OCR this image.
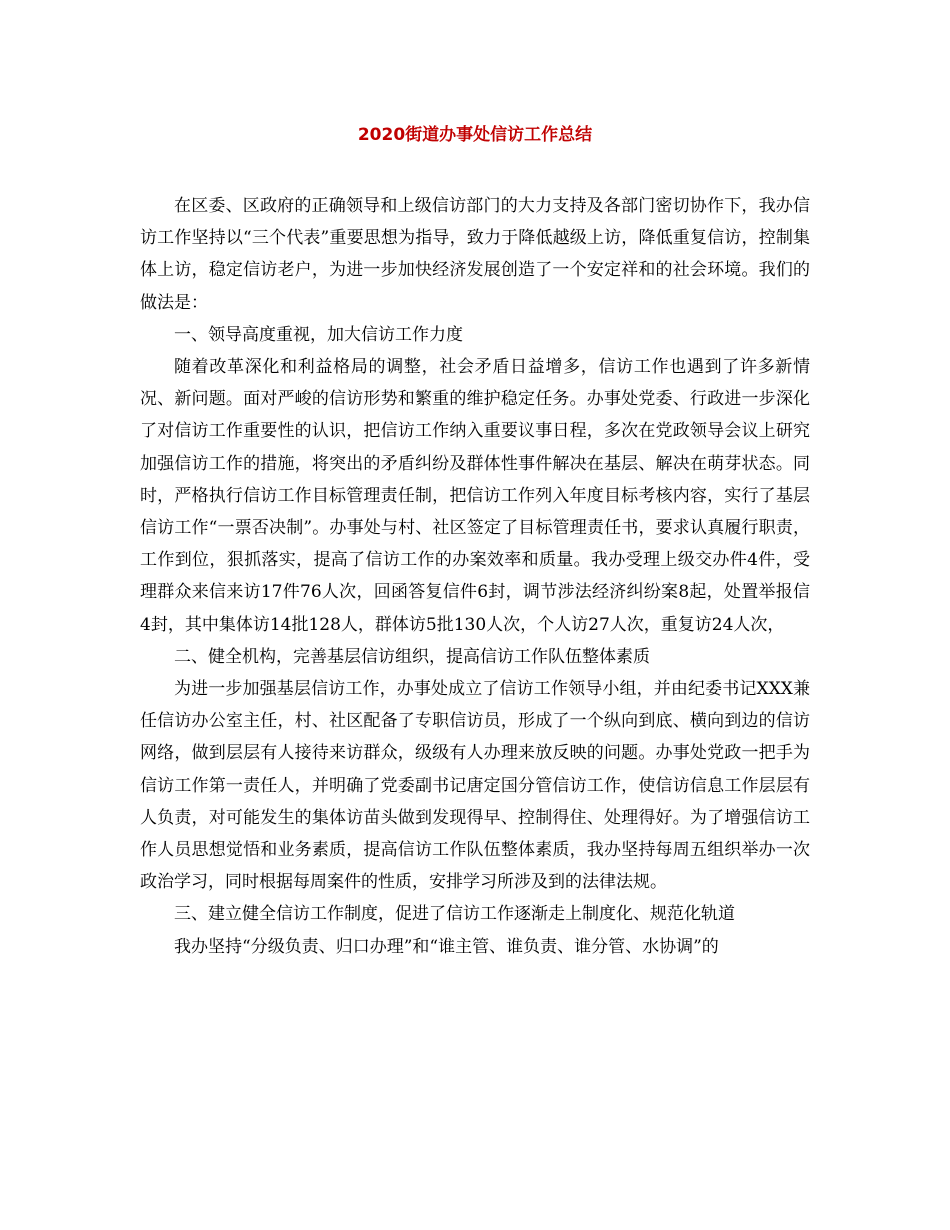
2020街道办事处信访工作总结

在区委、区政府的正确领导和上级信访部门的大力支持及各部门密切协作下，我办信访工作坚持以“三个代表”重要思想为指导，致力于降低越级上访，降低重复信访，控制集体上访，稳定信访老户，为进一步加快经济发展创造了一个安定祥和的社会环境。我们的做法是：

一、领导高度重视，加大信访工作力度

随着改革深化和利益格局的调整，社会矛盾日益增多，信访工作也遇到了许多新情况、新问题。面对严峻的信访形势和繁重的维护稳定任务。办事处党委、行政进一步深化了对信访工作重要性的认识，把信访工作纳入重要议事日程，多次在党政领导会议上研究加强信访工作的措施，将突出的矛盾纠纷及群体性事件解决在基层、解决在萌芽状态。同时，严格执行信访工作目标管理责任制，把信访工作列入年度目标考核内容，实行了基层信访工作“一票否决制”。办事处与村、社区签定了目标管理责任书，要求认真履行职责，工作到位，狠抓落实，提高了信访工作的办案效率和质量。我办受理上级交办件4件，受理群众来信来访17件76人次，回函答复信件6封，调节涉法经济纠纷案8起，处置举报信4封，其中集体访14批128人，群体访5批130人次，个人访27人次，重复访24人次，

二、健全机构，完善基层信访组织，提高信访工作队伍整体素质

为进一步加强基层信访工作，办事处成立了信访工作领导小组，并由纪委书记XXX兼任信访办公室主任，村、社区配备了专职信访员，形成了一个纵向到底、横向到边的信访网络，做到层层有人接待来访群众，级级有人办理来放反映的问题。办事处党政一把手为信访工作第一责任人，并明确了党委副书记唐定国分管信访工作，使信访信息工作层层有人负责，对可能发生的集体访苗头做到发现得早、控制得住、处理得好。为了增强信访工作人员思想觉悟和业务素质，提高信访工作队伍整体素质，我办坚持每周五组织举办一次政治学习，同时根据每周案件的性质，安排学习所涉及到的法律法规。

三、建立健全信访工作制度，促进了信访工作逐渐走上制度化、规范化轨道

我办坚持“分级负责、归口办理”和“谁主管、谁负责、谁分管、水协调”的
